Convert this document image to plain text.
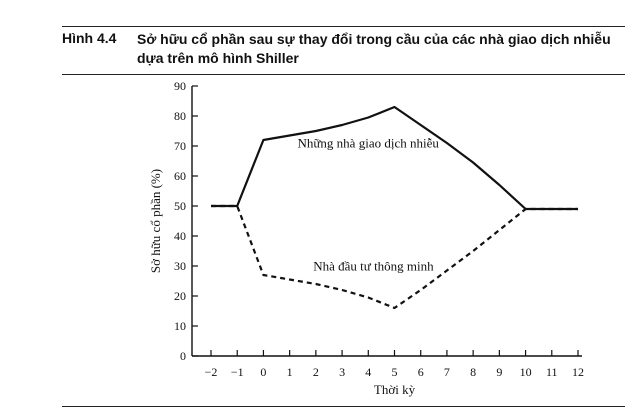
Hình 4.4 Sở hữu cổ phần sau sự thay đổi trong cầu của các nhà giao dịch nhiễu dựa trên mô hình Shiller
0
10
20
30
40
50
60
70
80
90
−2 −1 0 1 2 3 4 5 6 7 8 9 10 11 12
Những nhà giao dịch nhiễu
Nhà đầu tư thông minh
Thời kỳ
Sở hữu cổ phần (%)
